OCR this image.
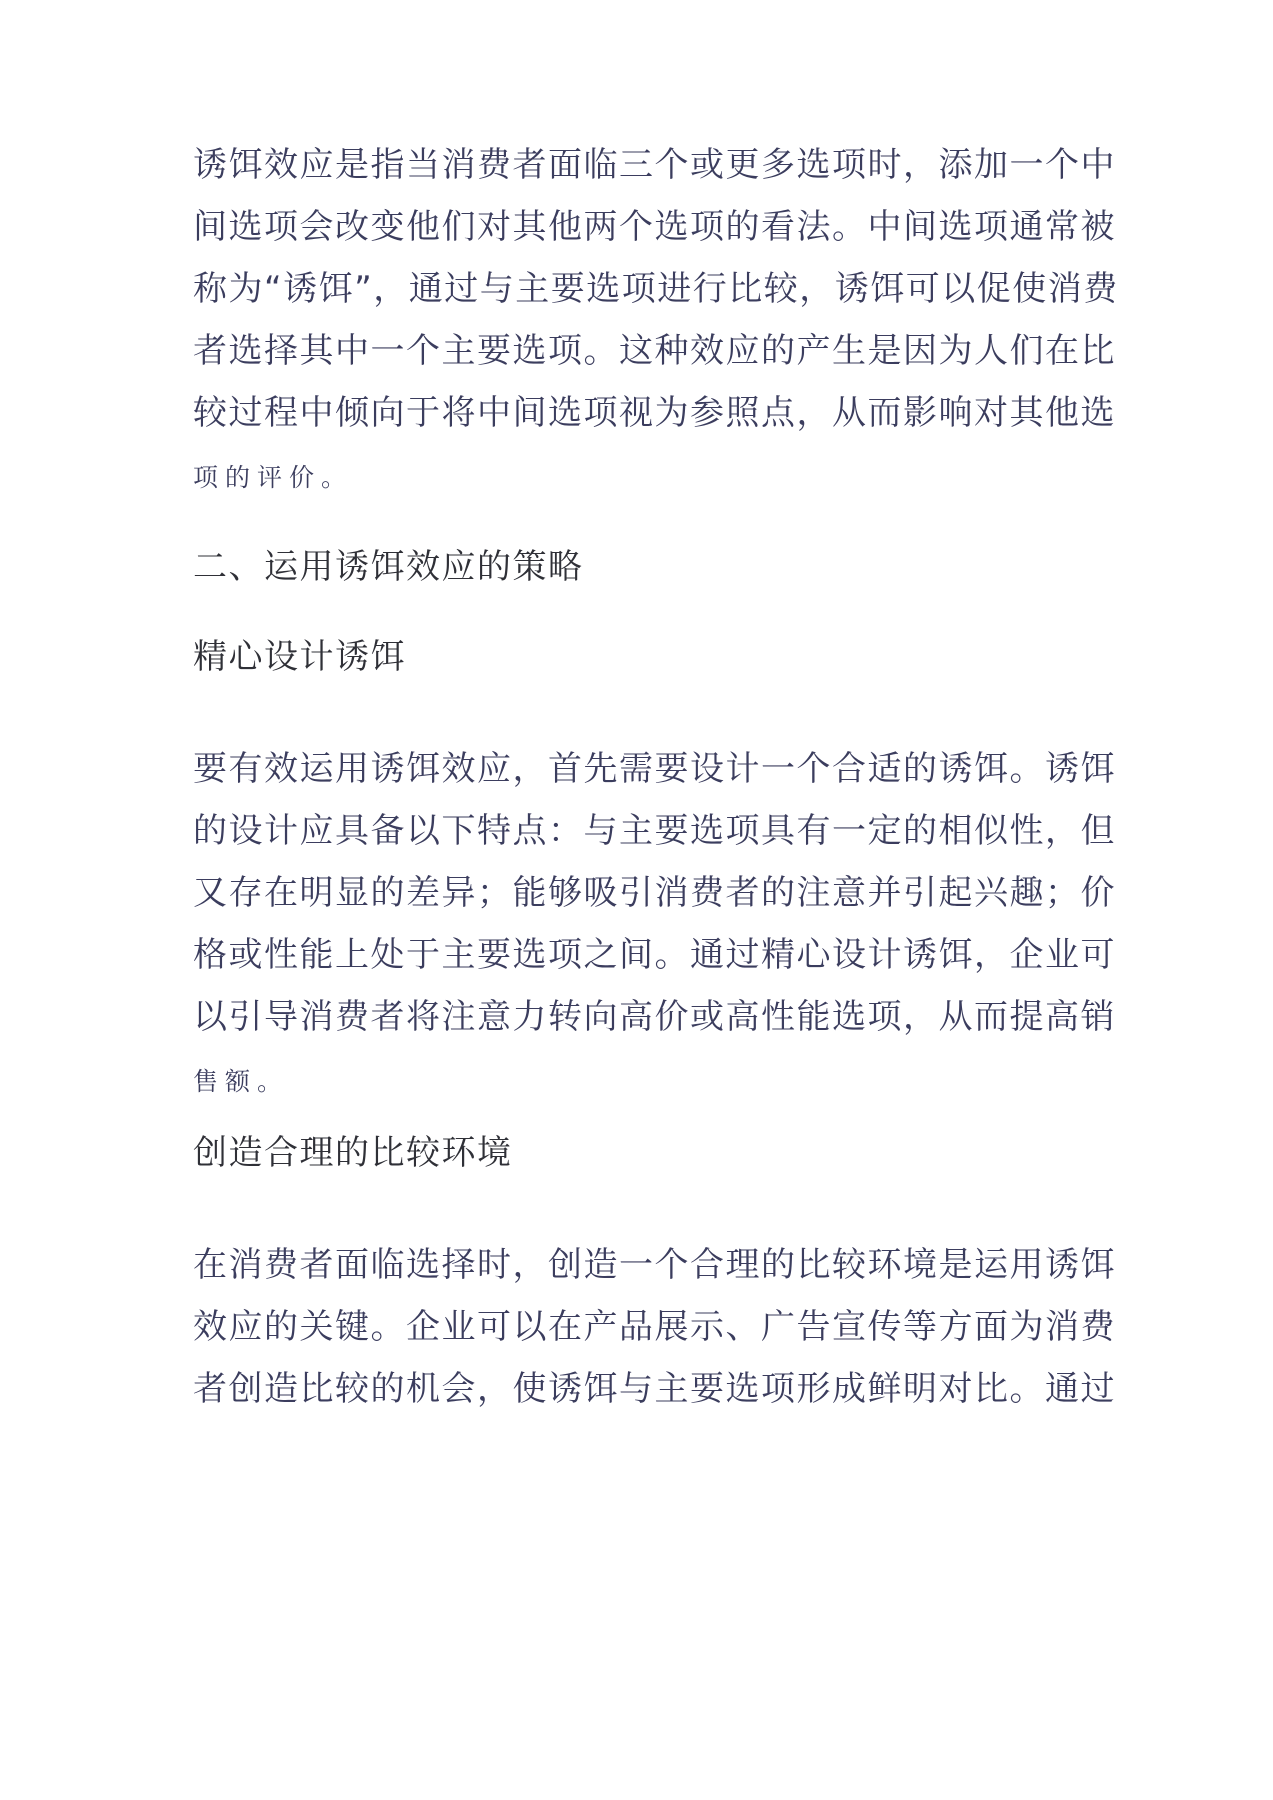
诱饵效应是指当消费者面临三个或更多选项时，添加一个中
间选项会改变他们对其他两个选项的看法。中间选项通常被
称为“诱饵”，通过与主要选项进行比较，诱饵可以促使消费
者选择其中一个主要选项。这种效应的产生是因为人们在比
较过程中倾向于将中间选项视为参照点，从而影响对其他选
项的评价。
二、运用诱饵效应的策略
精心设计诱饵
要有效运用诱饵效应，首先需要设计一个合适的诱饵。诱饵
的设计应具备以下特点：与主要选项具有一定的相似性，但
又存在明显的差异；能够吸引消费者的注意并引起兴趣；价
格或性能上处于主要选项之间。通过精心设计诱饵，企业可
以引导消费者将注意力转向高价或高性能选项，从而提高销
售额。
创造合理的比较环境
在消费者面临选择时，创造一个合理的比较环境是运用诱饵
效应的关键。企业可以在产品展示、广告宣传等方面为消费
者创造比较的机会，使诱饵与主要选项形成鲜明对比。通过
